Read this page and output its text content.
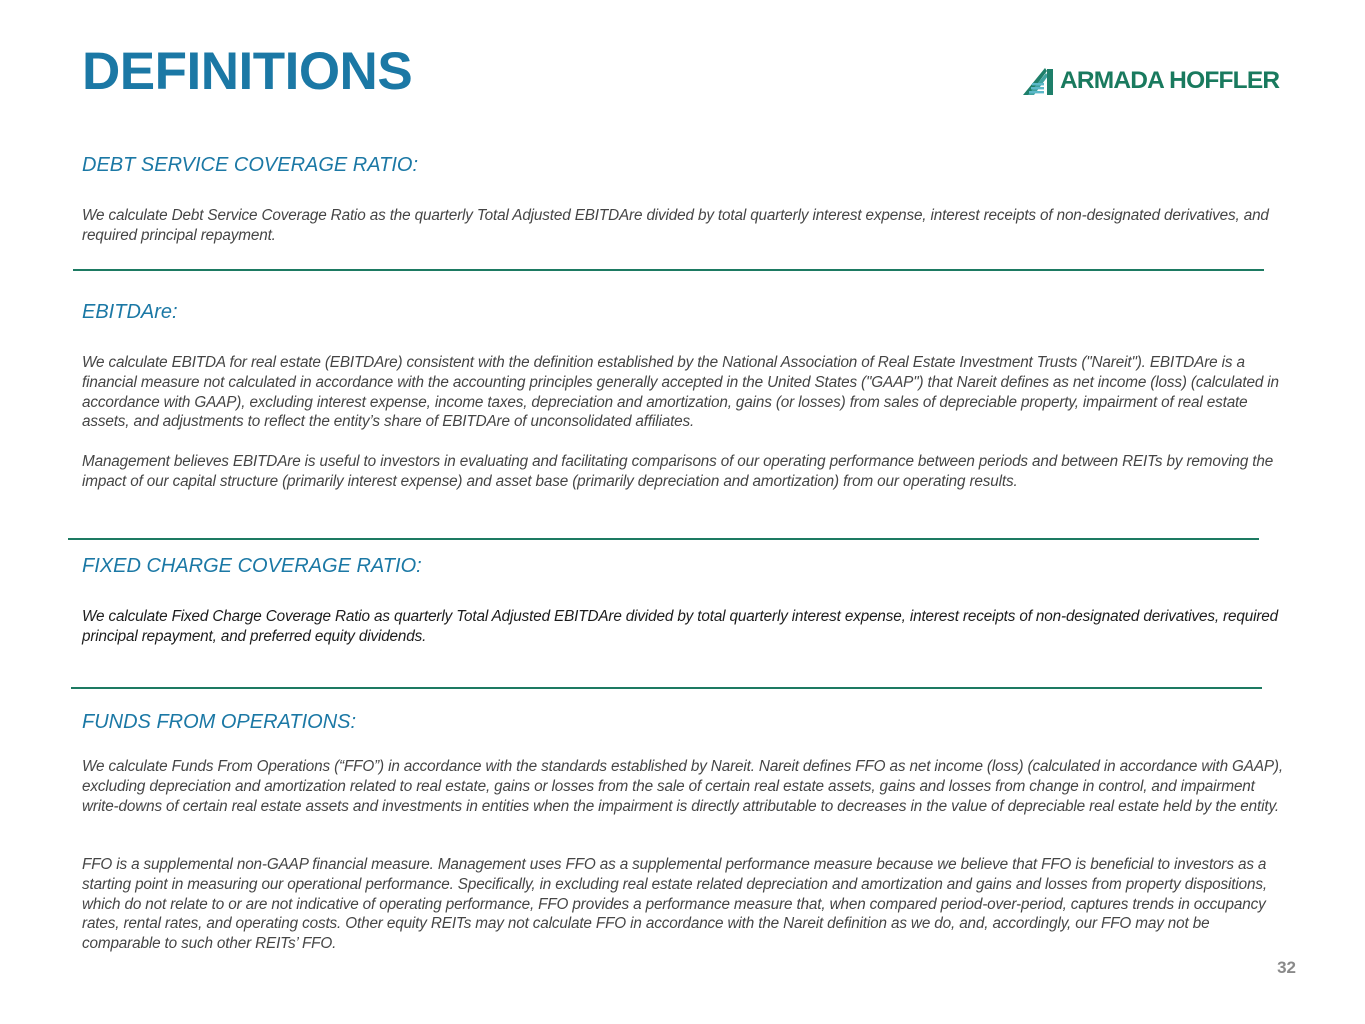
DEFINITIONS	ARMADA HOFFLER
DEBT SERVICE COVERAGE RATIO:

We calculate Debt Service Coverage Ratio as the quarterly Total Adjusted EBITDAre divided by total quarterly interest expense, interest receipts of non-designated derivatives, and required principal repayment.

EBITDAre:

We calculate EBITDA for real estate (EBITDAre) consistent with the definition established by the National Association of Real Estate Investment Trusts ("Nareit"). EBITDAre is a financial measure not calculated in accordance with the accounting principles generally accepted in the United States ("GAAP") that Nareit defines as net income (loss) (calculated in accordance with GAAP), excluding interest expense, income taxes, depreciation and amortization, gains (or losses) from sales of depreciable property, impairment of real estate assets, and adjustments to reflect the entity’s share of EBITDAre of unconsolidated affiliates.

Management believes EBITDAre is useful to investors in evaluating and facilitating comparisons of our operating performance between periods and between REITs by removing the impact of our capital structure (primarily interest expense) and asset base (primarily depreciation and amortization) from our operating results.

FIXED CHARGE COVERAGE RATIO:

We calculate Fixed Charge Coverage Ratio as quarterly Total Adjusted EBITDAre divided by total quarterly interest expense, interest receipts of non-designated derivatives, required principal repayment, and preferred equity dividends.

FUNDS FROM OPERATIONS:

We calculate Funds From Operations (“FFO”) in accordance with the standards established by Nareit. Nareit defines FFO as net income (loss) (calculated in accordance with GAAP), excluding depreciation and amortization related to real estate, gains or losses from the sale of certain real estate assets, gains and losses from change in control, and impairment write-downs of certain real estate assets and investments in entities when the impairment is directly attributable to decreases in the value of depreciable real estate held by the entity.

FFO is a supplemental non-GAAP financial measure. Management uses FFO as a supplemental performance measure because we believe that FFO is beneficial to investors as a starting point in measuring our operational performance. Specifically, in excluding real estate related depreciation and amortization and gains and losses from property dispositions, which do not relate to or are not indicative of operating performance, FFO provides a performance measure that, when compared period-over-period, captures trends in occupancy rates, rental rates, and operating costs. Other equity REITs may not calculate FFO in accordance with the Nareit definition as we do, and, accordingly, our FFO may not be comparable to such other REITs’ FFO.

32
